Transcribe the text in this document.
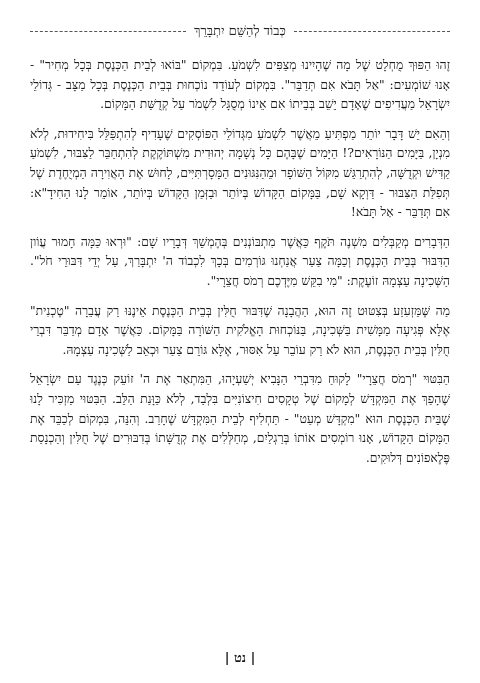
כְּבוֹד לְהַשֵּׁם יִתְבָּרֵךְ

זֶהוּ הַפּוּךְ מֻחְלָט שֶׁל מָה שֶׁהָיִינוּ מְצַפִּים לִשְׁמֹעַ. בִּמְקוֹם "בּוֹאוּ לְבֵית הַכְּנֶסֶת בְּכָל מְחִיר" - אָנוּ שׁוֹמְעִים: "אַל תָּבֹא אִם תְּדַבֵּר". בִּמְקוֹם לְעוֹדֵד נוֹכְחוּת בְּבֵית הַכְּנֶסֶת בְּכָל מַצָּב - גְּדוֹלֵי יִשְׂרָאֵל מַעֲדִיפִים שֶׁאָדָם יֵשֵׁב בְּבֵיתוֹ אִם אֵינוֹ מְסֻגָּל לִשְׁמֹר עַל קְדֻשַּׁת הַמָּקוֹם.

וְהַאִם יֵשׁ דָּבָר יוֹתֵר מַפְתִּיעַ מֵאֲשֶׁר לִשְׁמֹעַ מִגְּדוֹלֵי הַפּוֹסְקִים שֶׁעָדִיף לְהִתְפַּלֵּל בִּיחִידוּת, לְלֹא מִנְיָן, בַּיָּמִים הַנּוֹרָאִים?! הַיָּמִים שֶׁבָּהֶם כָּל נְשָׁמָה יְהוּדִית מִשְׁתּוֹקֶקֶת לְהִתְחַבֵּר לַצִּבּוּר, לִשְׁמֹעַ קַדִּישׁ וּקְדֻשָּׁה, לְהִתְרַגֵּשׁ מִקּוֹל הַשּׁוֹפָר וּמֵהַנִּגּוּנִים הַמָּסָרְתִּיִּים, לָחוּשׁ אֶת הָאֲוִירָה הַמְיֻחֶדֶת שֶׁל תְּפִלַּת הַצִּבּוּר - דַּוְקָא שָׁם, בַּמָּקוֹם הַקָּדוֹשׁ בְּיוֹתֵר וּבַזְּמַן הַקָּדוֹשׁ בְּיוֹתֵר, אוֹמֵר לָנוּ הַחִידָ"א: אִם תְּדַבֵּר - אַל תָּבֹא!

הַדְּבָרִים מְקַבְּלִים מִשְׁנֶה תֹּקֶף כַּאֲשֶׁר מִתְבּוֹנְנִים בְּהֶמְשֵׁךְ דְּבָרָיו שָׁם: "וּרְאוּ כַּמָּה חָמוּר עֲוֹון הַדִּבּוּר בְּבֵית הַכְּנֶסֶת וְכַמָּה צַעַר אֲנַחְנוּ גּוֹרְמִים בְּכָךְ לִכְבוֹד ה' יִתְבָּרַךְ, עַל יְדֵי דִּבּוּרֵי חֹל". הַשְּׁכִינָה עַצְמָהּ זוֹעֶקֶת: "מִי בִקֵּשׁ מִיֶּדְכֶם רְמֹס חֲצֵרָי".

מַה שֶּׁמַּזְעִזַע בְּצִטּוּט זֶה הוּא, הַהֲבָנָה שֶׁדִּבּוּר חֻלִּין בְּבֵית הַכְּנֶסֶת אֵינֶנּוּ רַק עֲבֵרָה "טֶכְנִית" אֶלָּא פְּגִיעָה מַמָּשִׁית בַּשְּׁכִינָה, בַּנּוֹכְחוּת הָאֱלֹקִית הַשּׁוֹרָה בַּמָּקוֹם. כַּאֲשֶׁר אָדָם מְדַבֵּר דִּבְרֵי חֻלִּין בְּבֵית הַכְּנֶסֶת, הוּא לֹא רַק עוֹבֵר עַל אִסּוּר, אֶלָּא גּוֹרֵם צַעַר וּכְאֵב לַשְּׁכִינָה עַצְמָהּ.

הַבִּטּוּי "רְמֹס חֲצֵרָי" לָקוּחַ מִדִּבְרֵי הַנָּבִיא יְשַׁעְיָהוּ, הַמִּתְאַר אֶת ה' זוֹעֵק כְּנֶגֶד עַם יִשְׂרָאֵל שֶׁהָפַךְ אֶת הַמִּקְדָּשׁ לְמָקוֹם שֶׁל טְקָסִים חִיצוֹנִיִּים בִּלְבַד, לְלֹא כַּוָּנַת הַלֵּב. הַבִּטּוּי מַזְכִּיר לָנוּ שֶׁבֵּית הַכְּנֶסֶת הוּא "מִקְדָּשׁ מְעַט" - תַּחְלִיף לְבֵית הַמִּקְדָּשׁ שֶׁחָרַב. וְהִנֵּה, בִּמְקוֹם לְכַבֵּד אֶת הַמָּקוֹם הַקָּדוֹשׁ, אָנוּ רוֹמְסִים אוֹתוֹ בְּרַגְלַיִם, מְחַלְּלִים אֶת קְדֻשָּׁתוֹ בְּדִבּוּרִים שֶׁל חֻלִּין וְהַכְנָסַת פֶּלֶאפוֹנִים דְּלוּקִים.

| נט |
